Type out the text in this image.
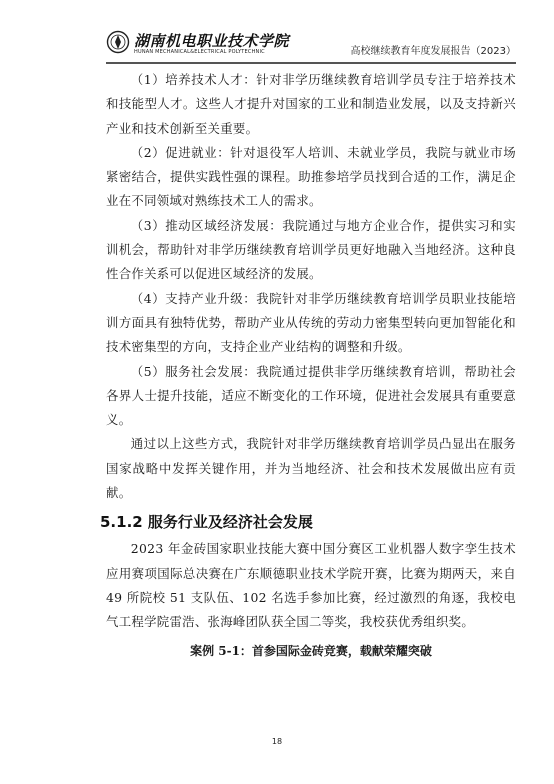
湖南机电职业技术学院
HUNAN MECHANICAL&ELECTRICAL POLYTECHNIC	高校继续教育年度发展报告（2023）

（1）培养技术人才：针对非学历继续教育培训学员专注于培养技术和技能型人才。这些人才提升对国家的工业和制造业发展，以及支持新兴产业和技术创新至关重要。

（2）促进就业：针对退役军人培训、未就业学员，我院与就业市场紧密结合，提供实践性强的课程。助推参培学员找到合适的工作，满足企业在不同领域对熟练技术工人的需求。

（3）推动区域经济发展：我院通过与地方企业合作，提供实习和实训机会，帮助针对非学历继续教育培训学员更好地融入当地经济。这种良性合作关系可以促进区域经济的发展。

（4）支持产业升级：我院针对非学历继续教育培训学员职业技能培训方面具有独特优势，帮助产业从传统的劳动力密集型转向更加智能化和技术密集型的方向，支持企业产业结构的调整和升级。

（5）服务社会发展：我院通过提供非学历继续教育培训，帮助社会各界人士提升技能，适应不断变化的工作环境，促进社会发展具有重要意义。

通过以上这些方式，我院针对非学历继续教育培训学员凸显出在服务国家战略中发挥关键作用，并为当地经济、社会和技术发展做出应有贡献。

5.1.2 服务行业及经济社会发展

2023 年金砖国家职业技能大赛中国分赛区工业机器人数字孪生技术应用赛项国际总决赛在广东顺德职业技术学院开赛，比赛为期两天，来自 49 所院校 51 支队伍、102 名选手参加比赛，经过激烈的角逐，我校电气工程学院雷浩、张海峰团队获全国二等奖，我校获优秀组织奖。

案例 5-1：首参国际金砖竞赛，载献荣耀突破
18
